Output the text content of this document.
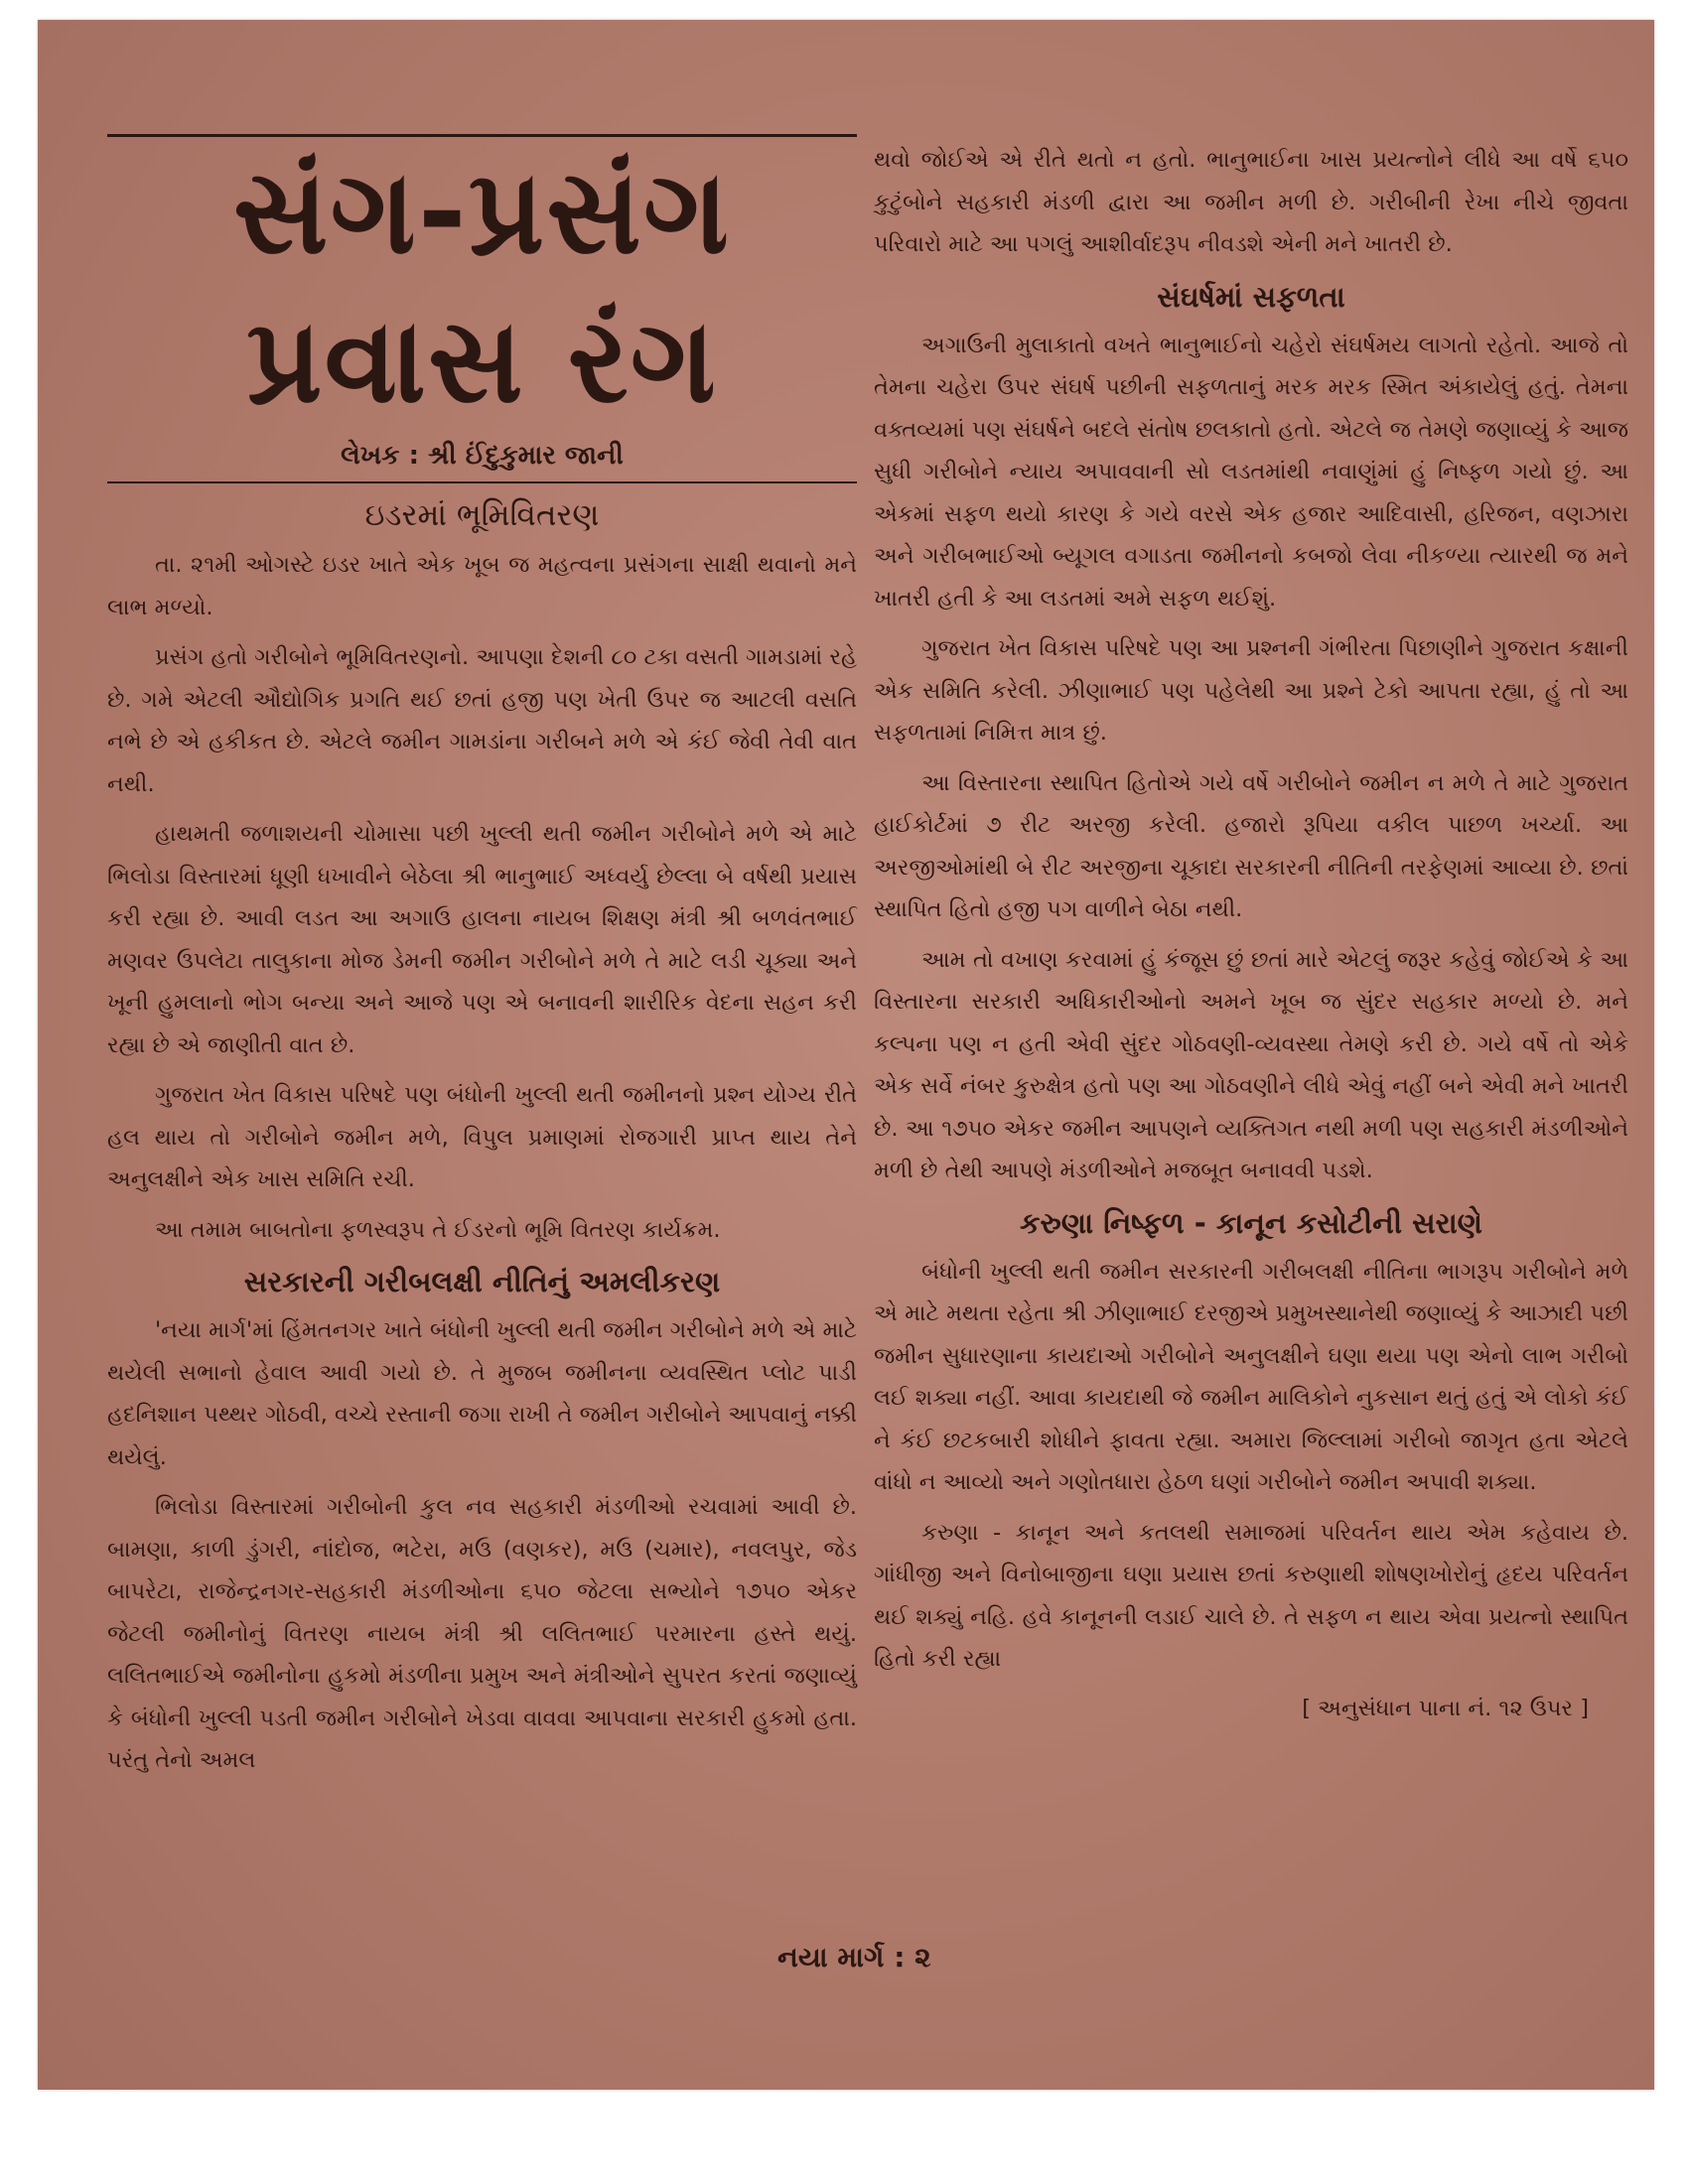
સંગ-પ્રસંગ
પ્રવાસ રંગ
લેખક : શ્રી ઈંદુકુમાર જાની
ઇડરમાં ભૂમિવિતરણ

તા. ૨૧મી ઓગસ્ટે ઇડર ખાતે એક ખૂબ જ મહત્વના પ્રસંગના સાક્ષી થવાનો મને લાભ મળ્યો.

પ્રસંગ હતો ગરીબોને ભૂમિવિતરણનો. આપણા દેશની ૮૦ ટકા વસતી ગામડામાં રહે છે. ગમે એટલી ઔદ્યોગિક પ્રગતિ થઈ છતાં હજી પણ ખેતી ઉપર જ આટલી વસતિ નભે છે એ હકીકત છે. એટલે જમીન ગામડાંના ગરીબને મળે એ કંઈ જેવી તેવી વાત નથી.

હાથમતી જળાશયની ચોમાસા પછી ખુલ્લી થતી જમીન ગરીબોને મળે એ માટે ભિલોડા વિસ્તારમાં ધૂણી ધખાવીને બેઠેલા શ્રી ભાનુભાઈ અધ્વર્યુ છેલ્લા બે વર્ષથી પ્રયાસ કરી રહ્યા છે. આવી લડત આ અગાઉ હાલના નાયબ શિક્ષણ મંત્રી શ્રી બળવંતભાઈ મણવર ઉપલેટા તાલુકાના મોજ ડેમની જમીન ગરીબોને મળે તે માટે લડી ચૂક્યા અને ખૂની હુમલાનો ભોગ બન્યા અને આજે પણ એ બનાવની શારીરિક વેદના સહન કરી રહ્યા છે એ જાણીતી વાત છે.

ગુજરાત ખેત વિકાસ પરિષદે પણ બંધોની ખુલ્લી થતી જમીનનો પ્રશ્ન યોગ્ય રીતે હલ થાય તો ગરીબોને જમીન મળે, વિપુલ પ્રમાણમાં રોજગારી પ્રાપ્ત થાય તેને અનુલક્ષીને એક ખાસ સમિતિ રચી.

આ તમામ બાબતોના ફળસ્વરૂપ તે ઈડરનો ભૂમિ વિતરણ કાર્યક્રમ.

સરકારની ગરીબલક્ષી નીતિનું અમલીકરણ

'નયા માર્ગ'માં હિંમતનગર ખાતે બંધોની ખુલ્લી થતી જમીન ગરીબોને મળે એ માટે થયેલી સભાનો હેવાલ આવી ગયો છે. તે મુજબ જમીનના વ્યવસ્થિત પ્લોટ પાડી હદનિશાન પથ્થર ગોઠવી, વચ્ચે રસ્તાની જગા રાખી તે જમીન ગરીબોને આપવાનું નક્કી થયેલું.

ભિલોડા વિસ્તારમાં ગરીબોની કુલ નવ સહકારી મંડળીઓ રચવામાં આવી છે. બામણા, કાળી ડુંગરી, નાંદોજ, ભટેરા, મઉ (વણકર), મઉ (ચમાર), નવલપુર, જેડ બાપરેટા, રાજેન્દ્રનગર-સહકારી મંડળીઓના ૬૫૦ જેટલા સભ્યોને ૧૭૫૦ એકર જેટલી જમીનોનું વિતરણ નાયબ મંત્રી શ્રી લલિતભાઈ પરમારના હસ્તે થયું. લલિતભાઈએ જમીનોના હુકમો મંડળીના પ્રમુખ અને મંત્રીઓને સુપરત કરતાં જણાવ્યું કે બંધોની ખુલ્લી પડતી જમીન ગરીબોને ખેડવા વાવવા આપવાના સરકારી હુકમો હતા. પરંતુ તેનો અમલ

થવો જોઈએ એ રીતે થતો ન હતો. ભાનુભાઈના ખાસ પ્રયત્નોને લીધે આ વર્ષે ૬૫૦ કુટુંબોને સહકારી મંડળી દ્વારા આ જમીન મળી છે. ગરીબીની રેખા નીચે જીવતા પરિવારો માટે આ પગલું આશીર્વાદરૂપ નીવડશે એની મને ખાતરી છે.

સંઘર્ષમાં સફળતા

અગાઉની મુલાકાતો વખતે ભાનુભાઈનો ચહેરો સંઘર્ષમય લાગતો રહેતો. આજે તો તેમના ચહેરા ઉપર સંઘર્ષ પછીની સફળતાનું મરક મરક સ્મિત અંકાયેલું હતું. તેમના વક્તવ્યમાં પણ સંઘર્ષને બદલે સંતોષ છલકાતો હતો. એટલે જ તેમણે જણાવ્યું કે આજ સુધી ગરીબોને ન્યાય અપાવવાની સો લડતમાંથી નવાણુંમાં હું નિષ્ફળ ગયો છું. આ એકમાં સફળ થયો કારણ કે ગયે વરસે એક હજાર આદિવાસી, હરિજન, વણઝારા અને ગરીબભાઈઓ બ્યૂગલ વગાડતા જમીનનો કબજો લેવા નીકળ્યા ત્યારથી જ મને ખાતરી હતી કે આ લડતમાં અમે સફળ થઈશું.

ગુજરાત ખેત વિકાસ પરિષદે પણ આ પ્રશ્નની ગંભીરતા પિછાણીને ગુજરાત કક્ષાની એક સમિતિ કરેલી. ઝીણાભાઈ પણ પહેલેથી આ પ્રશ્ને ટેકો આપતા રહ્યા, હું તો આ સફળતામાં નિમિત્ત માત્ર છું.

આ વિસ્તારના સ્થાપિત હિતોએ ગયે વર્ષે ગરીબોને જમીન ન મળે તે માટે ગુજરાત હાઈકોર્ટમાં ૭ રીટ અરજી કરેલી. હજારો રૂપિયા વકીલ પાછળ ખર્ચ્યા. આ અરજીઓમાંથી બે રીટ અરજીના ચૂકાદા સરકારની નીતિની તરફેણમાં આવ્યા છે. છતાં સ્થાપિત હિતો હજી પગ વાળીને બેઠા નથી.

આમ તો વખાણ કરવામાં હું કંજૂસ છું છતાં મારે એટલું જરૂર કહેવું જોઈએ કે આ વિસ્તારના સરકારી અધિકારીઓનો અમને ખૂબ જ સુંદર સહકાર મળ્યો છે. મને કલ્પના પણ ન હતી એવી સુંદર ગોઠવણી-વ્યવસ્થા તેમણે કરી છે. ગયે વર્ષે તો એકે એક સર્વે નંબર કુરુક્ષેત્ર હતો પણ આ ગોઠવણીને લીધે એવું નહીં બને એવી મને ખાતરી છે. આ ૧૭૫૦ એકર જમીન આપણને વ્યક્તિગત નથી મળી પણ સહકારી મંડળીઓને મળી છે તેથી આપણે મંડળીઓને મજબૂત બનાવવી પડશે.

કરુણા નિષ્ફળ - કાનૂન કસોટીની સરાણે

બંધોની ખુલ્લી થતી જમીન સરકારની ગરીબલક્ષી નીતિના ભાગરૂપ ગરીબોને મળે એ માટે મથતા રહેતા શ્રી ઝીણાભાઈ દરજીએ પ્રમુખસ્થાનેથી જણાવ્યું કે આઝાદી પછી જમીન સુધારણાના કાયદાઓ ગરીબોને અનુલક્ષીને ઘણા થયા પણ એનો લાભ ગરીબો લઈ શક્યા નહીં. આવા કાયદાથી જે જમીન માલિકોને નુકસાન થતું હતું એ લોકો કંઈ ને કંઈ છટકબારી શોધીને ફાવતા રહ્યા. અમારા જિલ્લામાં ગરીબો જાગૃત હતા એટલે વાંધો ન આવ્યો અને ગણોતધારા હેઠળ ઘણાં ગરીબોને જમીન અપાવી શક્યા.

કરુણા - કાનૂન અને કતલથી સમાજમાં પરિવર્તન થાય એમ કહેવાય છે. ગાંધીજી અને વિનોબાજીના ઘણા પ્રયાસ છતાં કરુણાથી શોષણખોરોનું હૃદય પરિવર્તન થઈ શક્યું નહિ. હવે કાનૂનની લડાઈ ચાલે છે. તે સફળ ન થાય એવા પ્રયત્નો સ્થાપિત હિતો કરી રહ્યા

[ અનુસંધાન પાના નં. ૧૨ ઉપર ]
નયા માર્ગ : ૨
